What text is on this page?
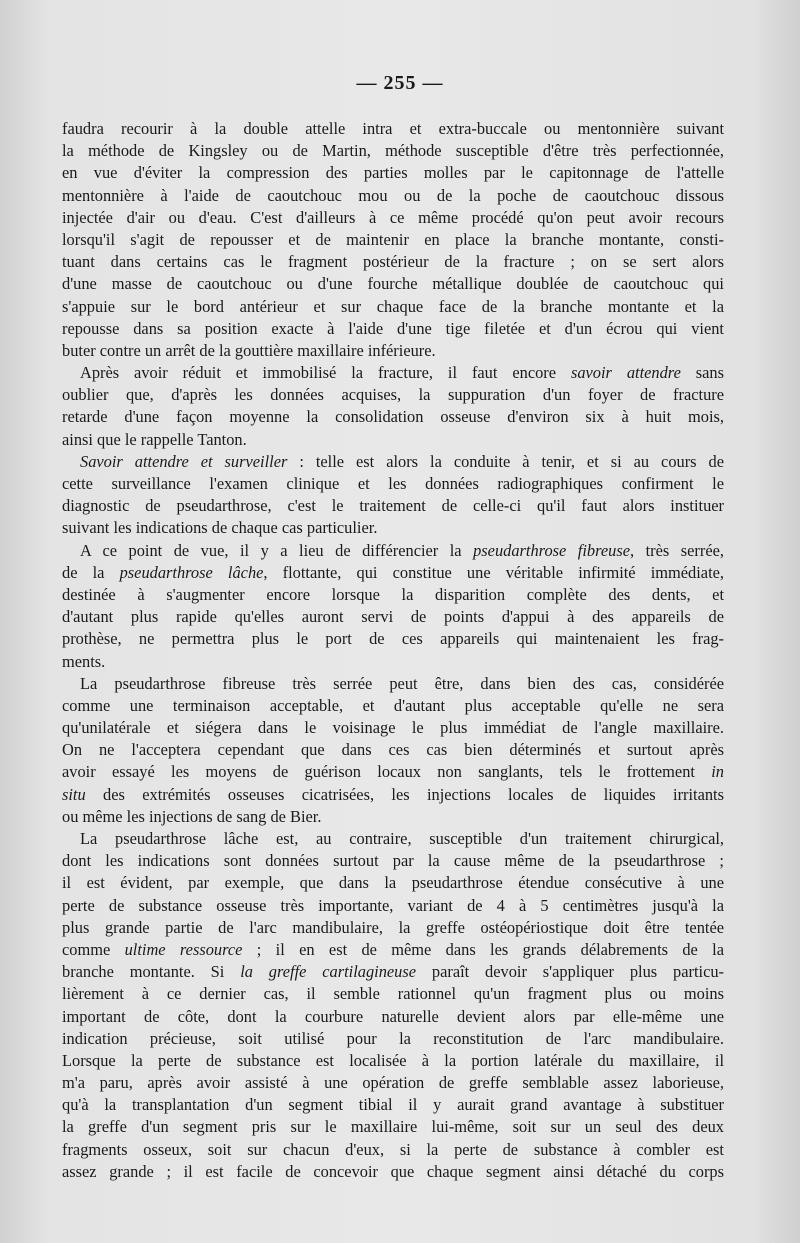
— 255 —
faudra recourir à la double attelle intra et extra-buccale ou mentonnière suivant
la méthode de Kingsley ou de Martin, méthode susceptible d'être très perfectionnée,
en vue d'éviter la compression des parties molles par le capitonnage de l'attelle
mentonnière à l'aide de caoutchouc mou ou de la poche de caoutchouc dissous
injectée d'air ou d'eau. C'est d'ailleurs à ce même procédé qu'on peut avoir recours
lorsqu'il s'agit de repousser et de maintenir en place la branche montante, consti-
tuant dans certains cas le fragment postérieur de la fracture ; on se sert alors
d'une masse de caoutchouc ou d'une fourche métallique doublée de caoutchouc qui
s'appuie sur le bord antérieur et sur chaque face de la branche montante et la
repousse dans sa position exacte à l'aide d'une tige filetée et d'un écrou qui vient
buter contre un arrêt de la gouttière maxillaire inférieure.
Après avoir réduit et immobilisé la fracture, il faut encore savoir attendre sans
oublier que, d'après les données acquises, la suppuration d'un foyer de fracture
retarde d'une façon moyenne la consolidation osseuse d'environ six à huit mois,
ainsi que le rappelle Tanton.
Savoir attendre et surveiller : telle est alors la conduite à tenir, et si au cours de
cette surveillance l'examen clinique et les données radiographiques confirment le
diagnostic de pseudarthrose, c'est le traitement de celle-ci qu'il faut alors instituer
suivant les indications de chaque cas particulier.
A ce point de vue, il y a lieu de différencier la pseudarthrose fibreuse, très serrée,
de la pseudarthrose lâche, flottante, qui constitue une véritable infirmité immédiate,
destinée à s'augmenter encore lorsque la disparition complète des dents, et
d'autant plus rapide qu'elles auront servi de points d'appui à des appareils de
prothèse, ne permettra plus le port de ces appareils qui maintenaient les frag-
ments.
La pseudarthrose fibreuse très serrée peut être, dans bien des cas, considérée
comme une terminaison acceptable, et d'autant plus acceptable qu'elle ne sera
qu'unilatérale et siégera dans le voisinage le plus immédiat de l'angle maxillaire.
On ne l'acceptera cependant que dans ces cas bien déterminés et surtout après
avoir essayé les moyens de guérison locaux non sanglants, tels le frottement in
situ des extrémités osseuses cicatrisées, les injections locales de liquides irritants
ou même les injections de sang de Bier.
La pseudarthrose lâche est, au contraire, susceptible d'un traitement chirurgical,
dont les indications sont données surtout par la cause même de la pseudarthrose ;
il est évident, par exemple, que dans la pseudarthrose étendue consécutive à une
perte de substance osseuse très importante, variant de 4 à 5 centimètres jusqu'à la
plus grande partie de l'arc mandibulaire, la greffe ostéopériostique doit être tentée
comme ultime ressource ; il en est de même dans les grands délabrements de la
branche montante. Si la greffe cartilagineuse paraît devoir s'appliquer plus particu-
lièrement à ce dernier cas, il semble rationnel qu'un fragment plus ou moins
important de côte, dont la courbure naturelle devient alors par elle-même une
indication précieuse, soit utilisé pour la reconstitution de l'arc mandibulaire.
Lorsque la perte de substance est localisée à la portion latérale du maxillaire, il
m'a paru, après avoir assisté à une opération de greffe semblable assez laborieuse,
qu'à la transplantation d'un segment tibial il y aurait grand avantage à substituer
la greffe d'un segment pris sur le maxillaire lui-même, soit sur un seul des deux
fragments osseux, soit sur chacun d'eux, si la perte de substance à combler est
assez grande ; il est facile de concevoir que chaque segment ainsi détaché du corps
